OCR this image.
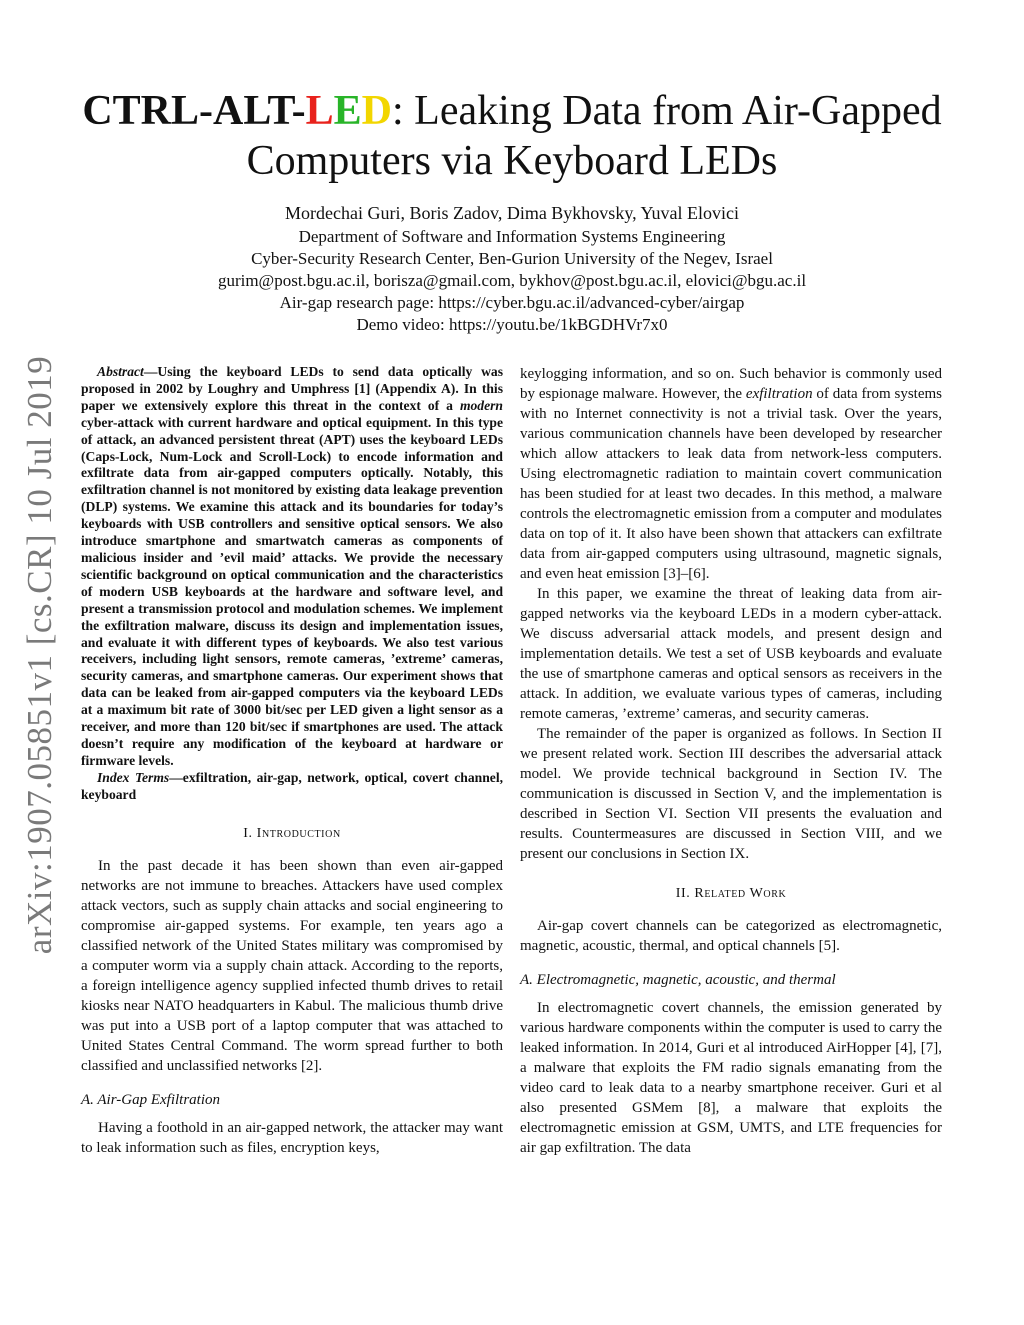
arXiv:1907.05851v1 [cs.CR] 10 Jul 2019
CTRL-ALT-LED: Leaking Data from Air-Gapped
Computers via Keyboard LEDs
Mordechai Guri, Boris Zadov, Dima Bykhovsky, Yuval Elovici
Department of Software and Information Systems Engineering
Cyber-Security Research Center, Ben-Gurion University of the Negev, Israel
gurim@post.bgu.ac.il, borisza@gmail.com, bykhov@post.bgu.ac.il, elovici@bgu.ac.il
Air-gap research page: https://cyber.bgu.ac.il/advanced-cyber/airgap
Demo video: https://youtu.be/1kBGDHVr7x0

Abstract—Using the keyboard LEDs to send data optically was proposed in 2002 by Loughry and Umphress [1] (Appendix A). In this paper we extensively explore this threat in the context of a modern cyber-attack with current hardware and optical equipment. In this type of attack, an advanced persistent threat (APT) uses the keyboard LEDs (Caps-Lock, Num-Lock and Scroll-Lock) to encode information and exfiltrate data from air-gapped computers optically. Notably, this exfiltration channel is not monitored by existing data leakage prevention (DLP) systems. We examine this attack and its boundaries for today’s keyboards with USB controllers and sensitive optical sensors. We also introduce smartphone and smartwatch cameras as components of malicious insider and ’evil maid’ attacks. We provide the necessary scientific background on optical communication and the characteristics of modern USB keyboards at the hardware and software level, and present a transmission protocol and modulation schemes. We implement the exfiltration malware, discuss its design and implementation issues, and evaluate it with different types of keyboards. We also test various receivers, including light sensors, remote cameras, ’extreme’ cameras, security cameras, and smartphone cameras. Our experiment shows that data can be leaked from air-gapped computers via the keyboard LEDs at a maximum bit rate of 3000 bit/sec per LED given a light sensor as a receiver, and more than 120 bit/sec if smartphones are used. The attack doesn’t require any modification of the keyboard at hardware or firmware levels.

Index Terms—exfiltration, air-gap, network, optical, covert channel, keyboard

I. Introduction

In the past decade it has been shown than even air-gapped networks are not immune to breaches. Attackers have used complex attack vectors, such as supply chain attacks and social engineering to compromise air-gapped systems. For example, ten years ago a classified network of the United States military was compromised by a computer worm via a supply chain attack. According to the reports, a foreign intelligence agency supplied infected thumb drives to retail kiosks near NATO headquarters in Kabul. The malicious thumb drive was put into a USB port of a laptop computer that was attached to United States Central Command. The worm spread further to both classified and unclassified networks [2].

A. Air-Gap Exfiltration

Having a foothold in an air-gapped network, the attacker may want to leak information such as files, encryption keys,

keylogging information, and so on. Such behavior is commonly used by espionage malware. However, the exfiltration of data from systems with no Internet connectivity is not a trivial task. Over the years, various communication channels have been developed by researcher which allow attackers to leak data from network-less computers. Using electromagnetic radiation to maintain covert communication has been studied for at least two decades. In this method, a malware controls the electromagnetic emission from a computer and modulates data on top of it. It also have been shown that attackers can exfiltrate data from air-gapped computers using ultrasound, magnetic signals, and even heat emission [3]–[6].

In this paper, we examine the threat of leaking data from air-gapped networks via the keyboard LEDs in a modern cyber-attack. We discuss adversarial attack models, and present design and implementation details. We test a set of USB keyboards and evaluate the use of smartphone cameras and optical sensors as receivers in the attack. In addition, we evaluate various types of cameras, including remote cameras, ’extreme’ cameras, and security cameras.

The remainder of the paper is organized as follows. In Section II we present related work. Section III describes the adversarial attack model. We provide technical background in Section IV. The communication is discussed in Section V, and the implementation is described in Section VI. Section VII presents the evaluation and results. Countermeasures are discussed in Section VIII, and we present our conclusions in Section IX.

II. Related Work

Air-gap covert channels can be categorized as electromagnetic, magnetic, acoustic, thermal, and optical channels [5].

A. Electromagnetic, magnetic, acoustic, and thermal

In electromagnetic covert channels, the emission generated by various hardware components within the computer is used to carry the leaked information. In 2014, Guri et al introduced AirHopper [4], [7], a malware that exploits the FM radio signals emanating from the video card to leak data to a nearby smartphone receiver. Guri et al also presented GSMem [8], a malware that exploits the electromagnetic emission at GSM, UMTS, and LTE frequencies for air gap exfiltration. The data
